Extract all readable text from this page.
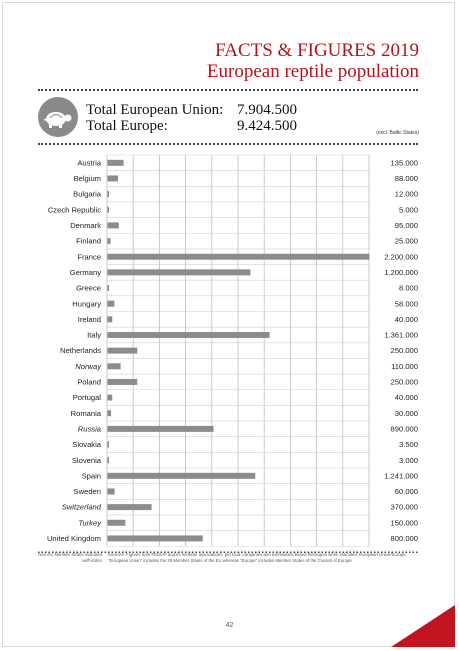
FACTS & FIGURES 2019
European reptile population
Total European Union: 7.904.500
Total Europe:	9.424.500	(excl. Baltic States)
Austria	135.000
Belgium	88.000
Bulgaria	12.000
Czech Republic	5.000
Denmark	95.000
Finland	25.000
France	2.200.000
Germany	1.200.000
Greece	8.000
Hungary	58.000
Ireland	40.000
Italy	1.361.000
Netherlands	250.000
Norway	110.000
Poland	250.000
Portugal	40.000
Romania	30.000
Russia	890.000
Slovakia	3.500
Slovenia	3.000
Spain	1.241.000
Sweden	60.000
Switzerland	370.000
Turkey	150.000
United Kingdom	800.000
Non EU Member States indicated with italics
Sources: Figures from FEDIAF and its member associations, pet food companies and estimations based thereupon when indicated. European Union/Europe: "European Union" includes the 28 Member States of the EU whereas "Europe" includes Member States of the Council of Europe
42
